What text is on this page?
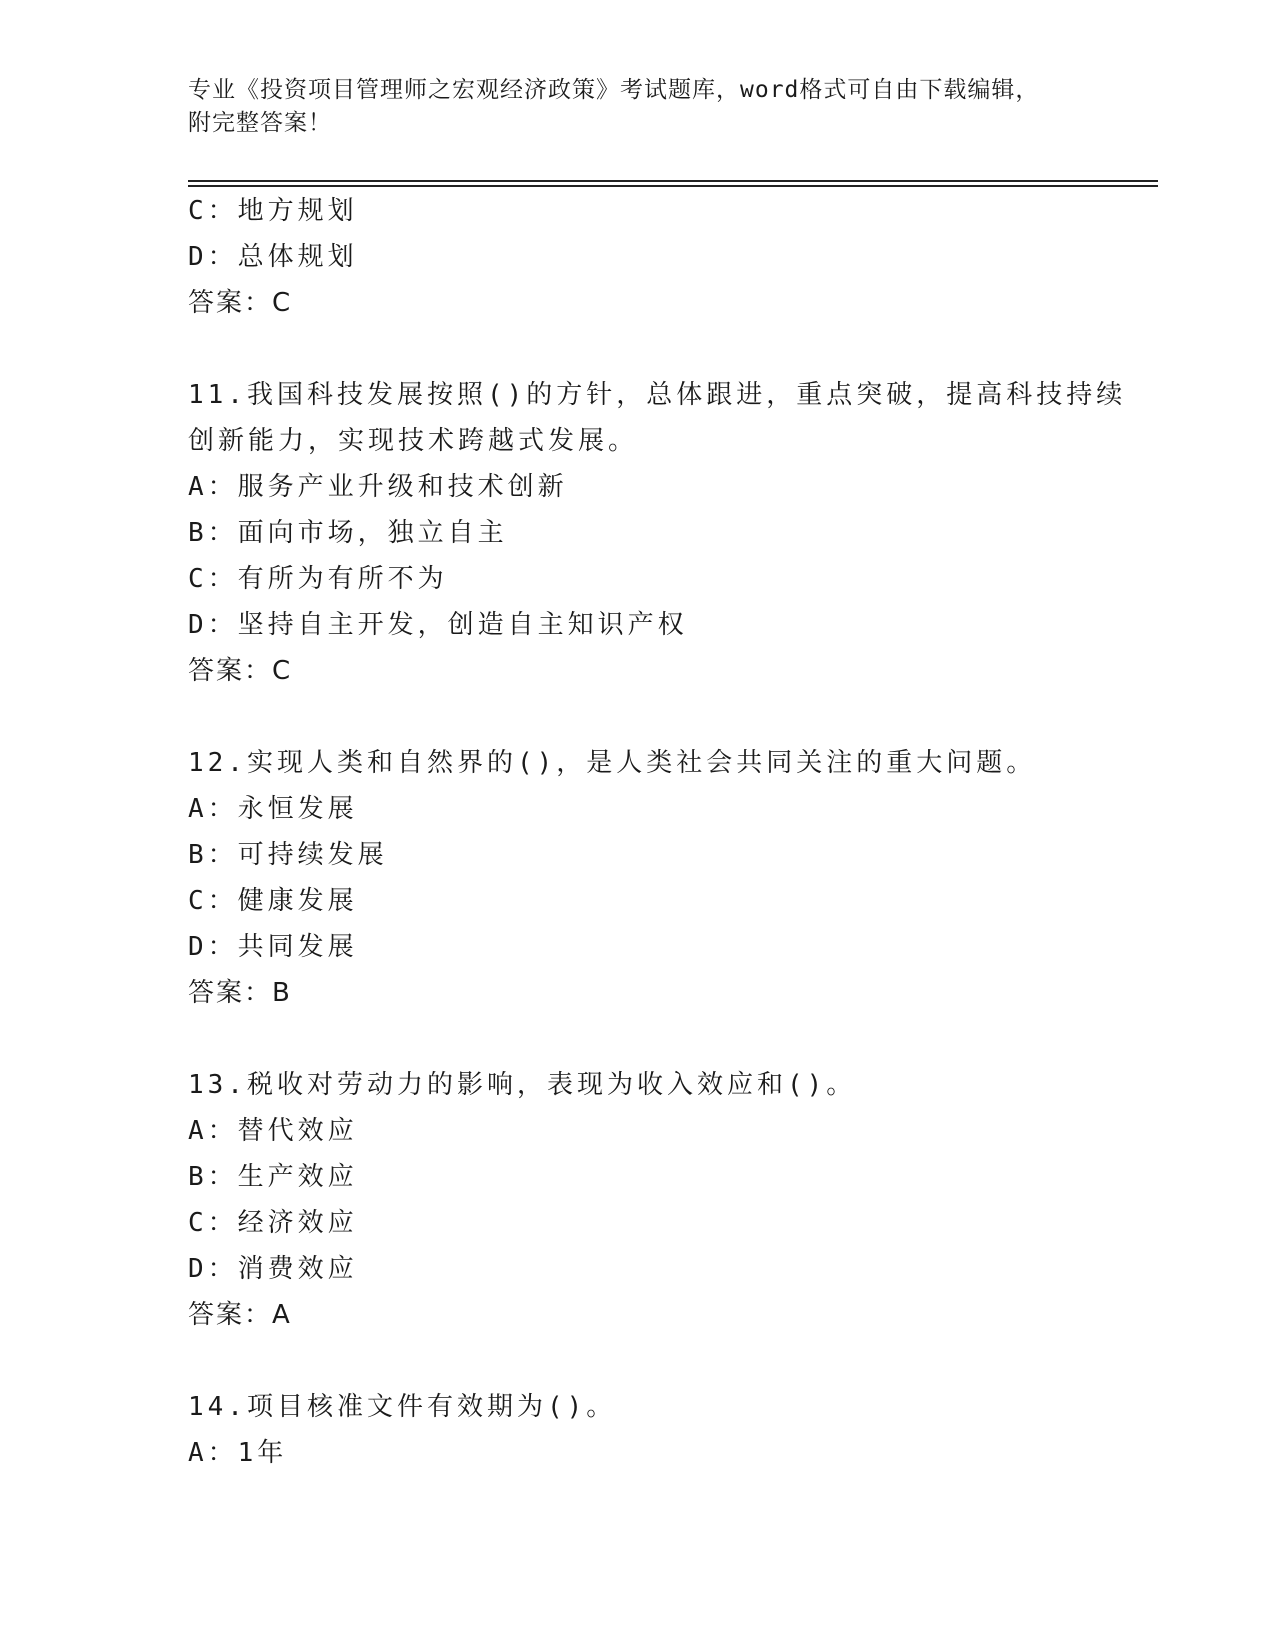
专业《投资项目管理师之宏观经济政策》考试题库，word格式可自由下载编辑，
附完整答案！
C：地方规划
D：总体规划
答案：C
11.我国科技发展按照()的方针，总体跟进，重点突破，提高科技持续
创新能力，实现技术跨越式发展。
A：服务产业升级和技术创新
B：面向市场，独立自主
C：有所为有所不为
D：坚持自主开发，创造自主知识产权
答案：C
12.实现人类和自然界的()，是人类社会共同关注的重大问题。
A：永恒发展
B：可持续发展
C：健康发展
D：共同发展
答案：B
13.税收对劳动力的影响，表现为收入效应和()。
A：替代效应
B：生产效应
C：经济效应
D：消费效应
答案：A
14.项目核准文件有效期为()。
A：1年
